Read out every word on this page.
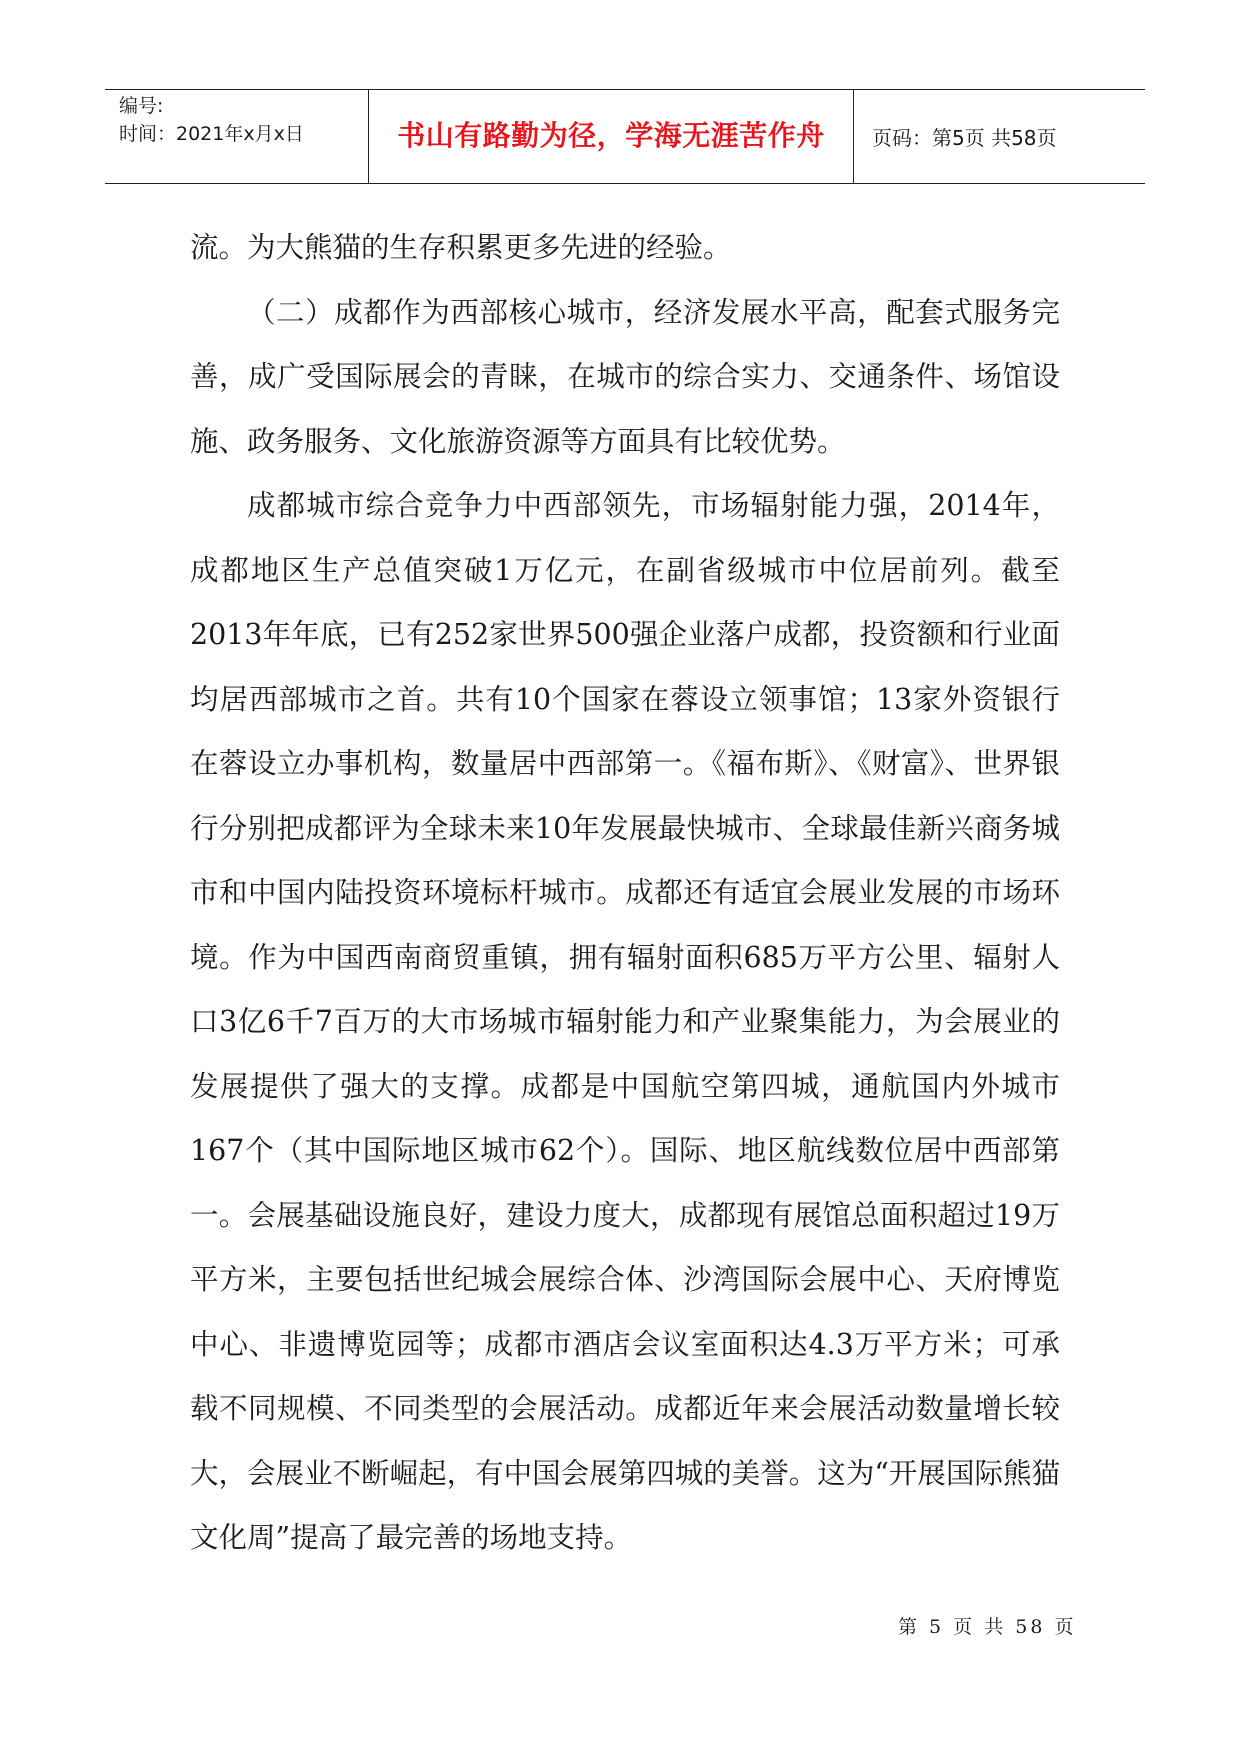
编号:
时间：2021年x月x日	书山有路勤为径，学海无涯苦作舟	页码：第5页 共58页

流。为大熊猫的生存积累更多先进的经验。

（二）成都作为西部核心城市，经济发展水平高，配套式服务完善，成广受国际展会的青睐，在城市的综合实力、交通条件、场馆设施、政务服务、文化旅游资源等方面具有比较优势。

成都城市综合竞争力中西部领先，市场辐射能力强，2014年，成都地区生产总值突破1万亿元，在副省级城市中位居前列。截至2013年年底，已有252家世界500强企业落户成都，投资额和行业面均居西部城市之首。共有10个国家在蓉设立领事馆；13家外资银行在蓉设立办事机构，数量居中西部第一。《福布斯》、《财富》、世界银行分别把成都评为全球未来10年发展最快城市、全球最佳新兴商务城市和中国内陆投资环境标杆城市。成都还有适宜会展业发展的市场环境。作为中国西南商贸重镇，拥有辐射面积685万平方公里、辐射人口3亿6千7百万的大市场城市辐射能力和产业聚集能力，为会展业的发展提供了强大的支撑。成都是中国航空第四城，通航国内外城市167个（其中国际地区城市62个）。国际、地区航线数位居中西部第一。会展基础设施良好，建设力度大，成都现有展馆总面积超过19万平方米，主要包括世纪城会展综合体、沙湾国际会展中心、天府博览中心、非遗博览园等；成都市酒店会议室面积达4.3万平方米；可承载不同规模、不同类型的会展活动。成都近年来会展活动数量增长较大，会展业不断崛起，有中国会展第四城的美誉。这为“开展国际熊猫文化周”提高了最完善的场地支持。

第 5 页 共 58 页
